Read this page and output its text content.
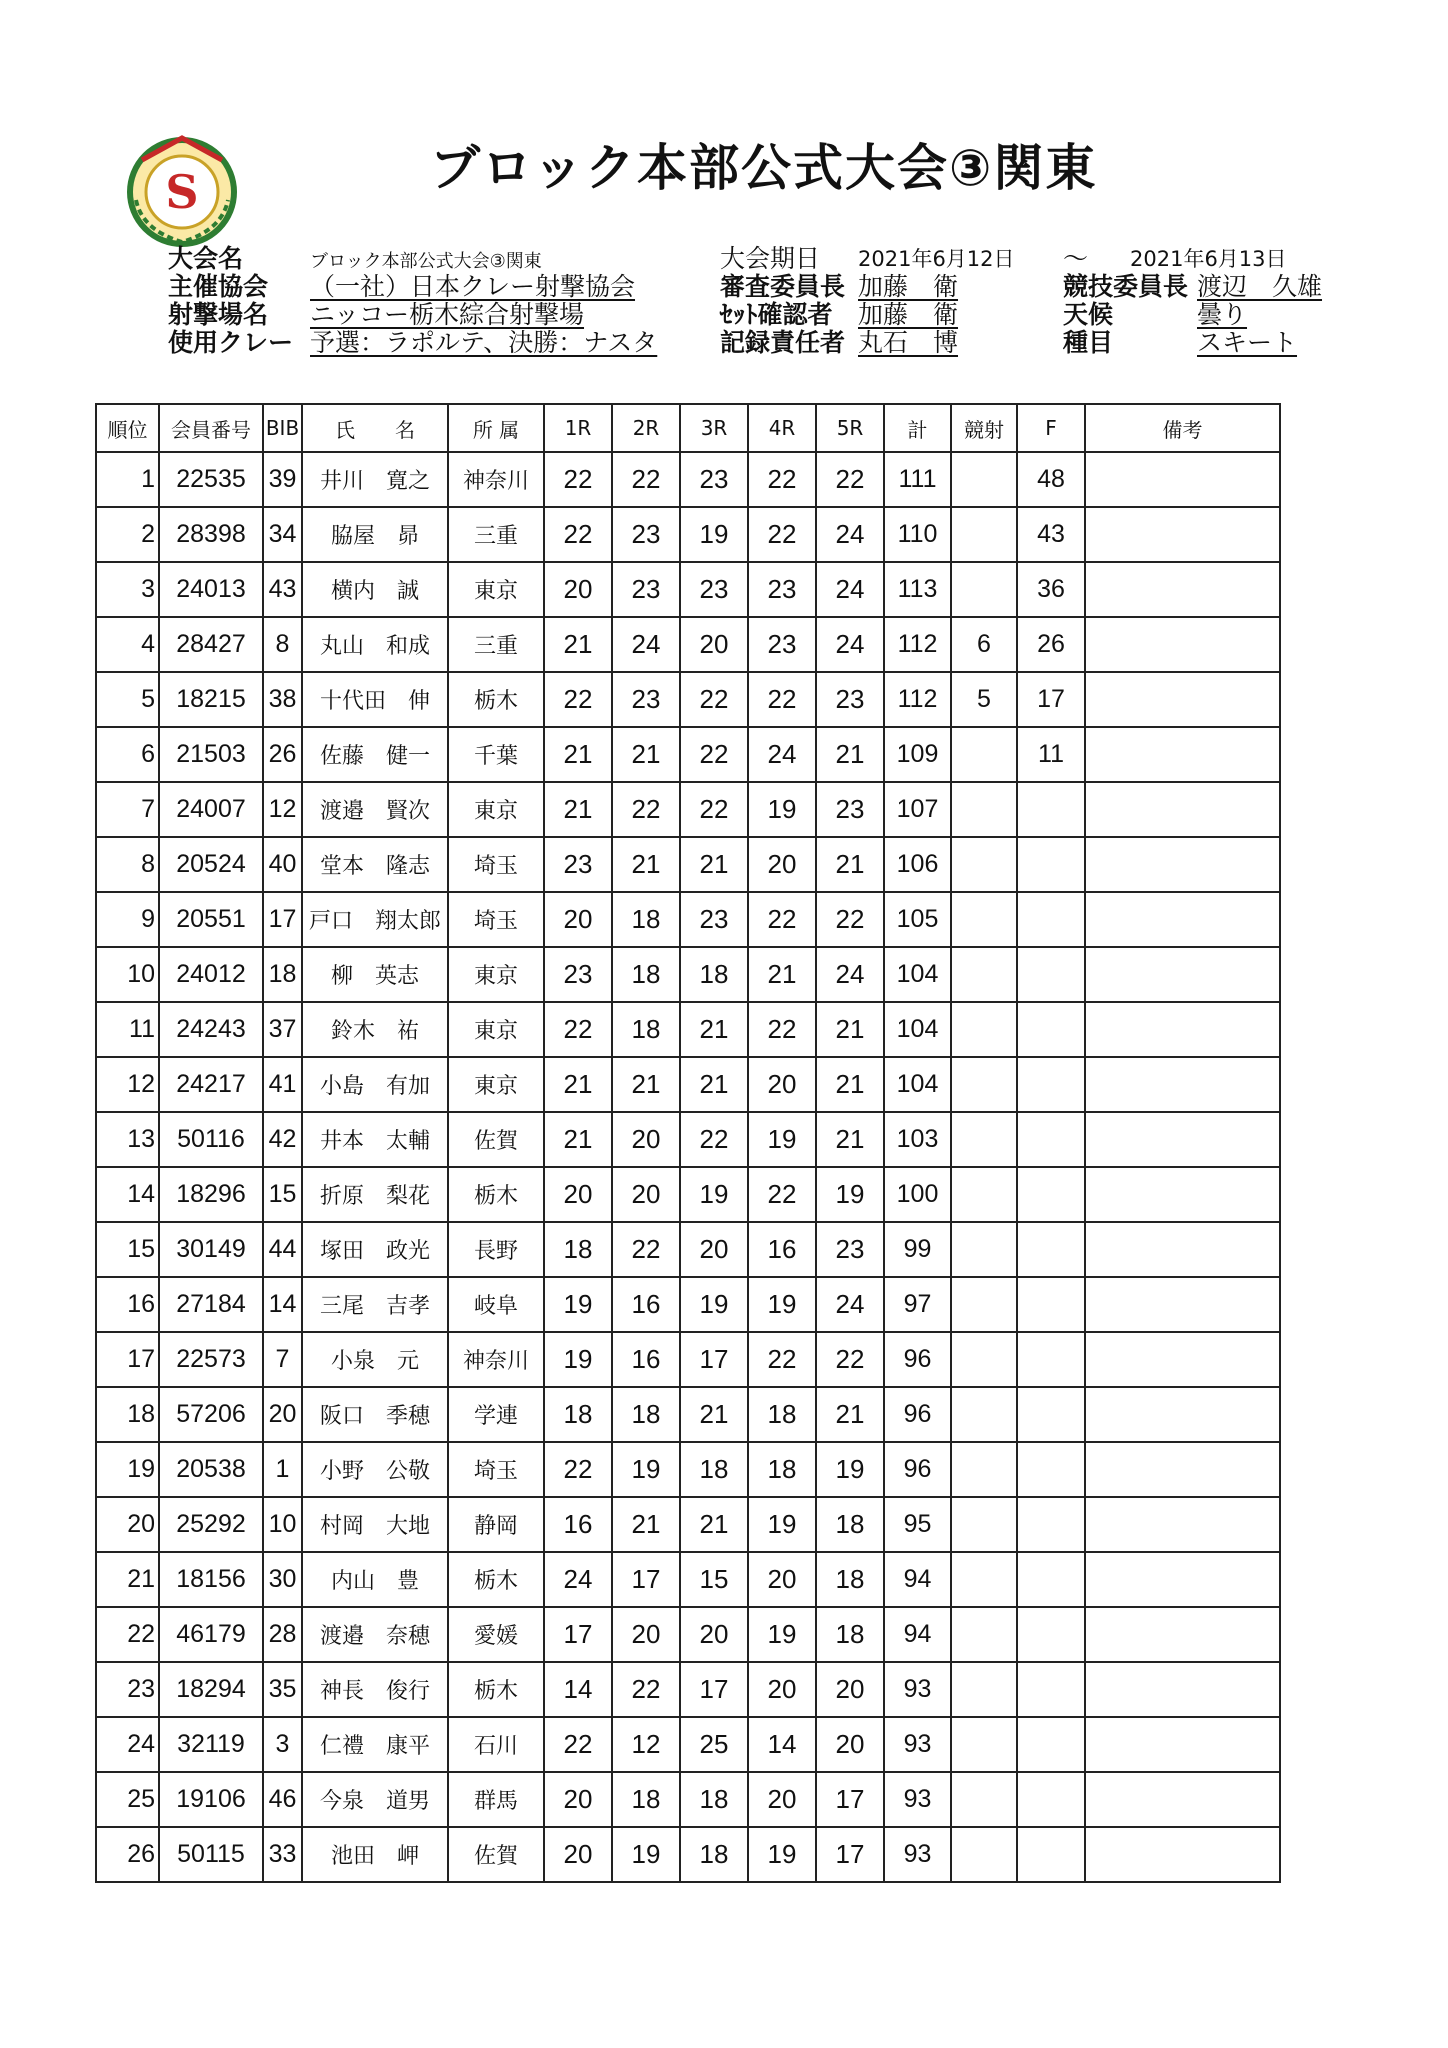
S	ブロック本部公式大会③関東
大会名	ブロック本部公式大会③関東	大会期日 2021年6月12日 ～ 2021年6月13日
主催協会 （一社）日本クレー射撃協会	審査委員長 加藤　衛	競技委員長 渡辺　久雄
射撃場名 ニッコー栃木綜合射撃場	ｾｯﾄ確認者 加藤　衛	天候	曇り
使用クレー 予選：ラポルテ、決勝：ナスタ	記録責任者 丸石　博	種目	スキート
順位	会員番号	BIB	氏　　名	所 属	1R	2R	3R	4R	5R	計	競射	F	備考
1	22535	39	井川　寛之	神奈川	22	22	23	22	22	111		48	
2	28398	34	脇屋　昴	三重	22	23	19	22	24	110		43	
3	24013	43	横内　誠	東京	20	23	23	23	24	113		36	
4	28427	8	丸山　和成	三重	21	24	20	23	24	112	6	26	
5	18215	38	十代田　伸	栃木	22	23	22	22	23	112	5	17	
6	21503	26	佐藤　健一	千葉	21	21	22	24	21	109		11	
7	24007	12	渡邉　賢次	東京	21	22	22	19	23	107			
8	20524	40	堂本　隆志	埼玉	23	21	21	20	21	106			
9	20551	17	戸口　翔太郎	埼玉	20	18	23	22	22	105			
10	24012	18	柳　英志	東京	23	18	18	21	24	104			
11	24243	37	鈴木　祐	東京	22	18	21	22	21	104			
12	24217	41	小島　有加	東京	21	21	21	20	21	104			
13	50116	42	井本　太輔	佐賀	21	20	22	19	21	103			
14	18296	15	折原　梨花	栃木	20	20	19	22	19	100			
15	30149	44	塚田　政光	長野	18	22	20	16	23	99			
16	27184	14	三尾　吉孝	岐阜	19	16	19	19	24	97			
17	22573	7	小泉　元	神奈川	19	16	17	22	22	96			
18	57206	20	阪口　季穂	学連	18	18	21	18	21	96			
19	20538	1	小野　公敬	埼玉	22	19	18	18	19	96			
20	25292	10	村岡　大地	静岡	16	21	21	19	18	95			
21	18156	30	内山　豊	栃木	24	17	15	20	18	94			
22	46179	28	渡邉　奈穂	愛媛	17	20	20	19	18	94			
23	18294	35	神長　俊行	栃木	14	22	17	20	20	93			
24	32119	3	仁禮　康平	石川	22	12	25	14	20	93			
25	19106	46	今泉　道男	群馬	20	18	18	20	17	93			
26	50115	33	池田　岬	佐賀	20	19	18	19	17	93			
